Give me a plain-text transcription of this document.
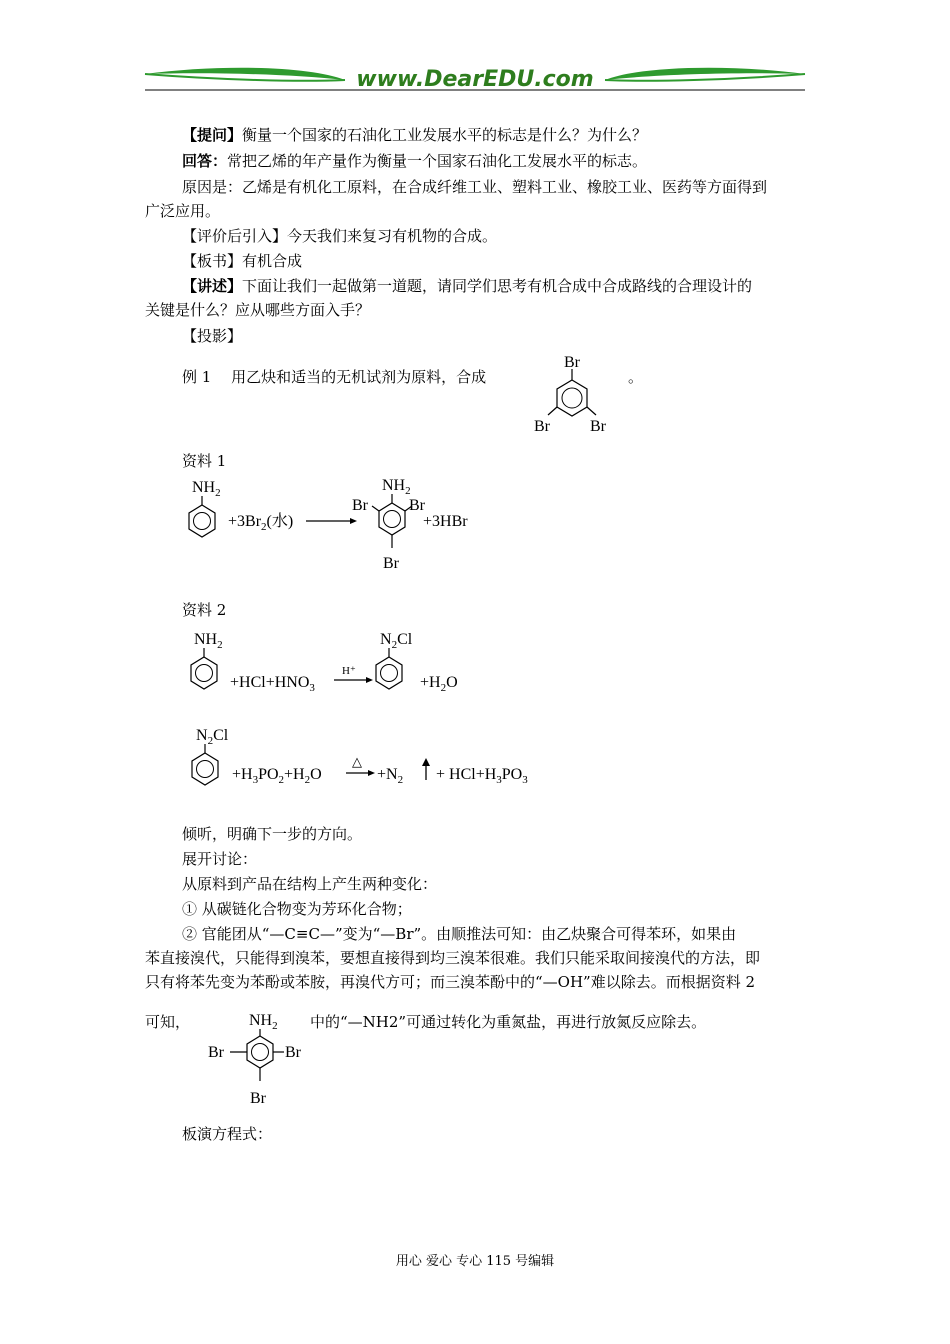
www.DearEDU.com
【提问】衡量一个国家的石油化工业发展水平的标志是什么？为什么？
回答：常把乙烯的年产量作为衡量一个国家石油化工发展水平的标志。
原因是：乙烯是有机化工原料，在合成纤维工业、塑料工业、橡胶工业、医药等方面得到
广泛应用。
【评价后引入】今天我们来复习有机物的合成。
【板书】有机合成
【讲述】下面让我们一起做第一道题，请同学们思考有机合成中合成路线的合理设计的
关键是什么？应从哪些方面入手？
【投影】
例 1　 用乙炔和适当的无机试剂为原料，合成	。
Br
Br	Br
资料 1
$NH_2$
$+3Br_2$(水)
$NH_2$
Br	Br
Br
+3HBr
资料 2
$NH_2$
$+HCl+HNO_3$
H⁺
$N_2Cl$
$+H_2O$
$N_2Cl$
$+H_3PO_2+H_2O$
△
$+N_2 + HCl+H_3PO_3$
倾听，明确下一步的方向。
展开讨论：
从原料到产品在结构上产生两种变化：
① 从碳链化合物变为芳环化合物；
② 官能团从“—C≡C—”变为“—Br”。由顺推法可知：由乙炔聚合可得苯环，如果由
苯直接溴代，只能得到溴苯，要想直接得到均三溴苯很难。我们只能采取间接溴代的方法，即
只有将苯先变为苯酚或苯胺，再溴代方可；而三溴苯酚中的“—OH”难以除去。而根据资料 2
可知，	$NH_2$
Br	Br
Br
中的“—NH2”可通过转化为重氮盐，再进行放氮反应除去。
板演方程式：
用心 爱心 专心 115 号编辑
